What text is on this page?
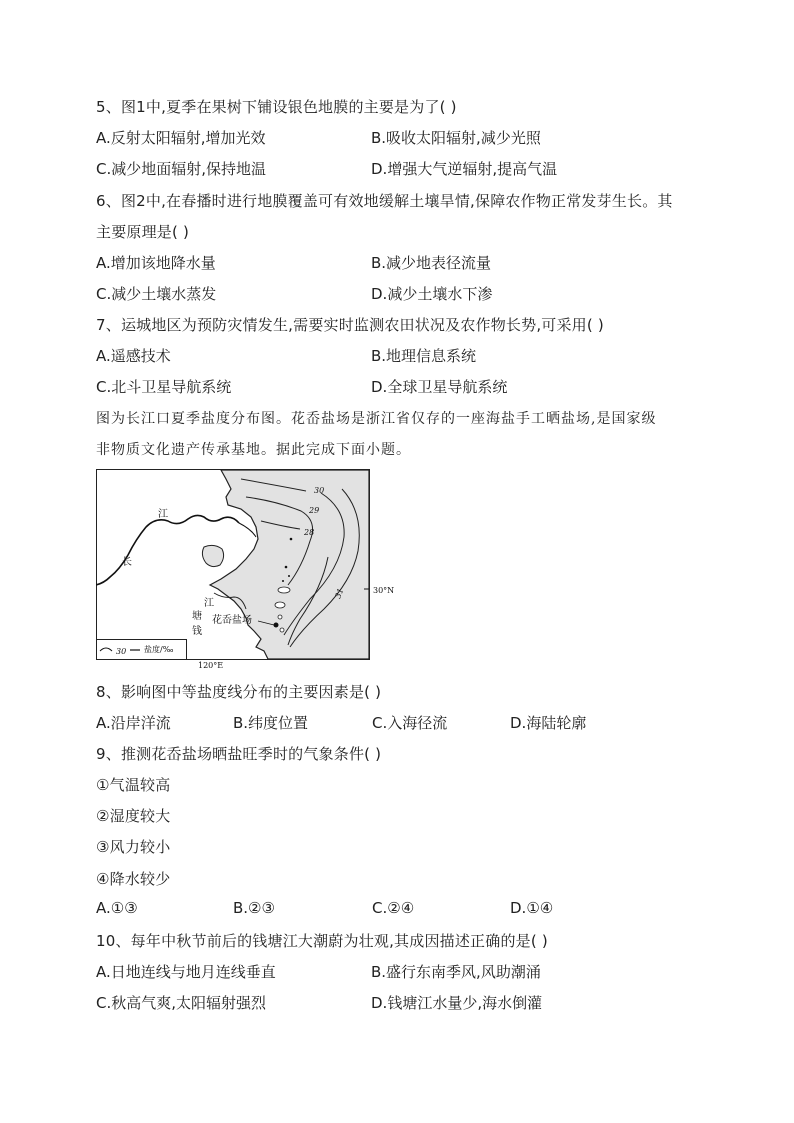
5、图1中,夏季在果树下铺设银色地膜的主要是为了( )
A.反射太阳辐射,增加光效	B.吸收太阳辐射,减少光照
C.减少地面辐射,保持地温	D.增强大气逆辐射,提高气温
6、图2中,在春播时进行地膜覆盖可有效地缓解土壤旱情,保障农作物正常发芽生长。其
主要原理是( )
A.增加该地降水量	B.减少地表径流量
C.减少土壤水蒸发	D.减少土壤水下渗
7、运城地区为预防灾情发生,需要实时监测农田状况及农作物长势,可采用( )
A.遥感技术	B.地理信息系统
C.北斗卫星导航系统	D.全球卫星导航系统
图为长江口夏季盐度分布图。花岙盐场是浙江省仅存的一座海盐手工晒盐场,是国家级
非物质文化遗产传承基地。据此完成下面小题。
30
29
28
31
江
长
江
塘
钱
花岙盐场
30 盐度/‰
30°N
120°E
8、影响图中等盐度线分布的主要因素是( )
A.沿岸洋流	B.纬度位置	C.入海径流	D.海陆轮廓
9、推测花岙盐场晒盐旺季时的气象条件( )
①气温较高
②湿度较大
③风力较小
④降水较少
A.①③	B.②③	C.②④	D.①④
10、每年中秋节前后的钱塘江大潮蔚为壮观,其成因描述正确的是( )
A.日地连线与地月连线垂直	B.盛行东南季风,风助潮涌
C.秋高气爽,太阳辐射强烈	D.钱塘江水量少,海水倒灌
